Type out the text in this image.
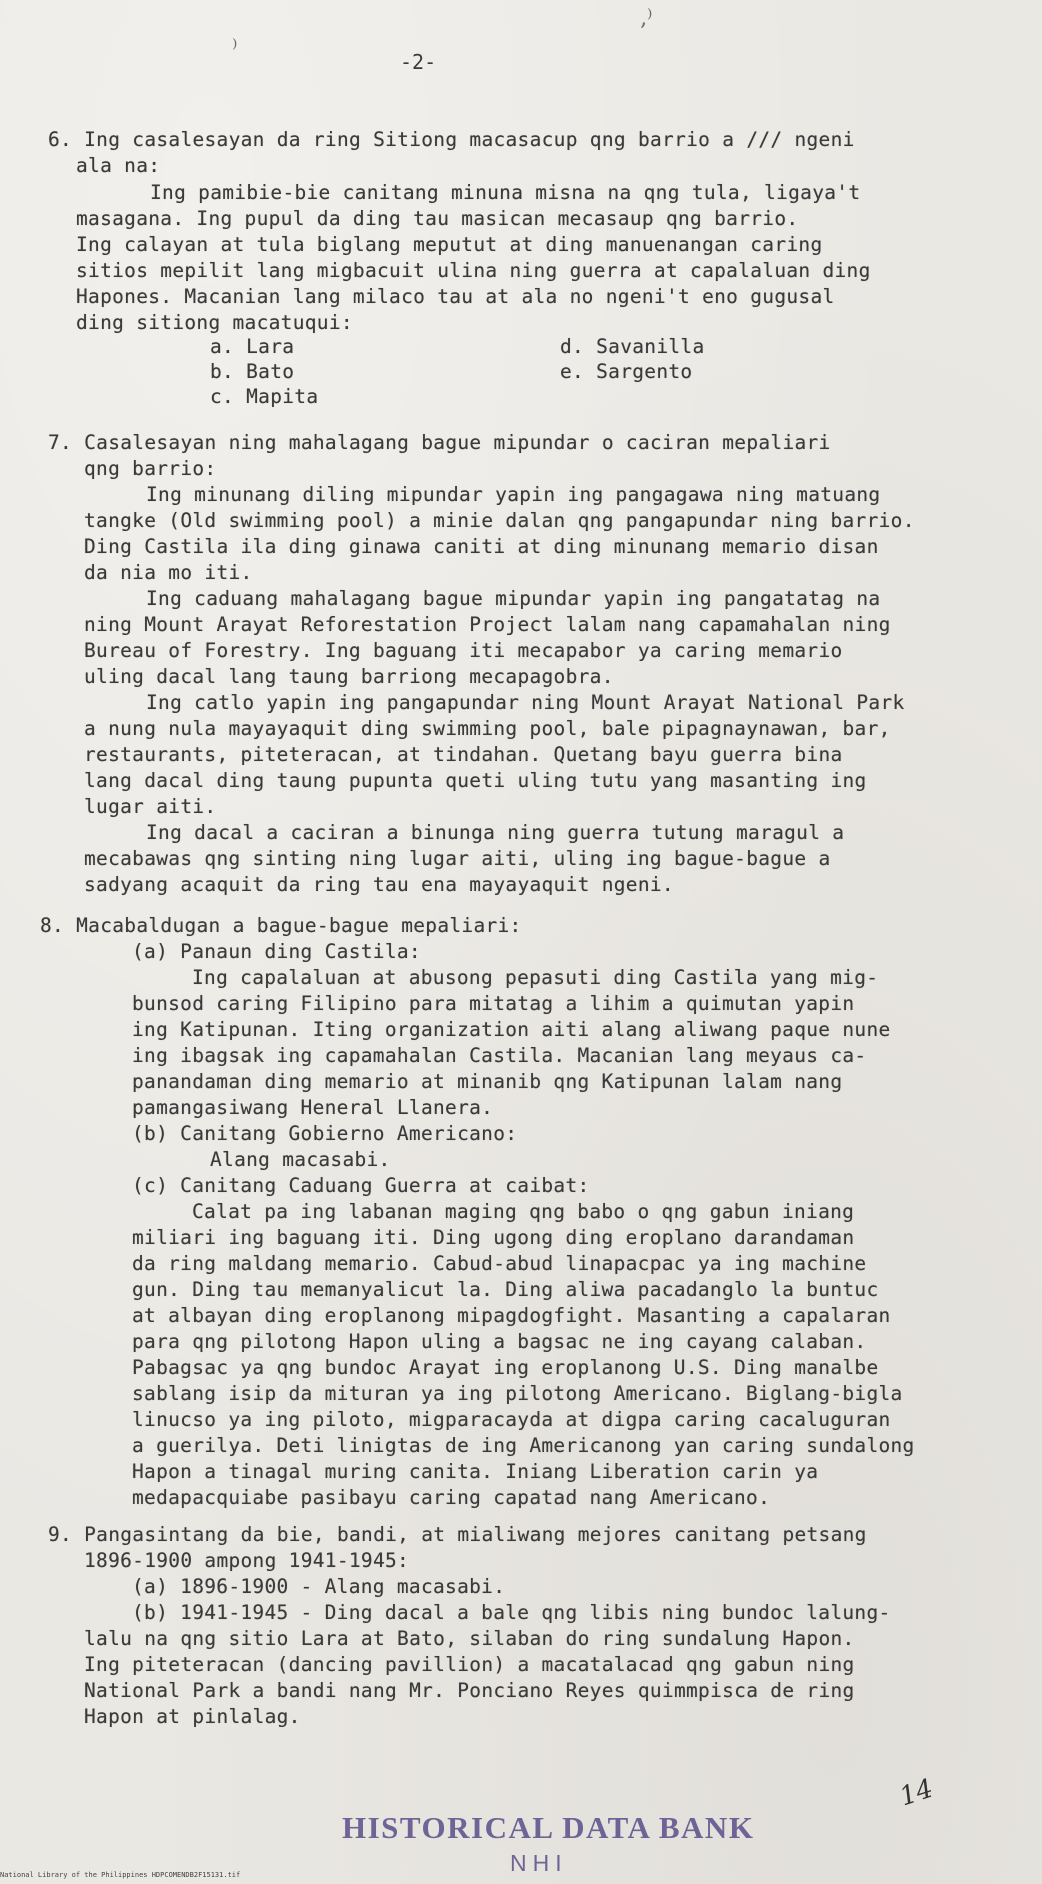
-2-
⁾
‚⁾
6. Ing casalesayan da ring Sitiong macasacup qng barrio a /// ngeni
ala na:
Ing pamibie-bie canitang minuna misna na qng tula, ligaya't
masagana. Ing pupul da ding tau masican mecasaup qng barrio.
Ing calayan at tula biglang meputut at ding manuenangan caring
sitios mepilit lang migbacuit ulina ning guerra at capalaluan ding
Hapones. Macanian lang milaco tau at ala no ngeni't eno gugusal
ding sitiong macatuqui:
a. Lara	d. Savanilla
b. Bato	e. Sargento
c. Mapita
7. Casalesayan ning mahalagang bague mipundar o caciran mepaliari
qng barrio:
Ing minunang diling mipundar yapin ing pangagawa ning matuang
tangke (Old swimming pool) a minie dalan qng pangapundar ning barrio.
Ding Castila ila ding ginawa caniti at ding minunang memario disan
da nia mo iti.
Ing caduang mahalagang bague mipundar yapin ing pangatatag na
ning Mount Arayat Reforestation Project lalam nang capamahalan ning
Bureau of Forestry. Ing baguang iti mecapabor ya caring memario
uling dacal lang taung barriong mecapagobra.
Ing catlo yapin ing pangapundar ning Mount Arayat National Park
a nung nula mayayaquit ding swimming pool, bale pipagnaynawan, bar,
restaurants, piteteracan, at tindahan. Quetang bayu guerra bina
lang dacal ding taung pupunta queti uling tutu yang masanting ing
lugar aiti.
Ing dacal a caciran a binunga ning guerra tutung maragul a
mecabawas qng sinting ning lugar aiti, uling ing bague-bague a
sadyang acaquit da ring tau ena mayayaquit ngeni.
8. Macabaldugan a bague-bague mepaliari:
(a) Panaun ding Castila:
Ing capalaluan at abusong pepasuti ding Castila yang mig-
bunsod caring Filipino para mitatag a lihim a quimutan yapin
ing Katipunan. Iting organization aiti alang aliwang paque nune
ing ibagsak ing capamahalan Castila. Macanian lang meyaus ca-
panandaman ding memario at minanib qng Katipunan lalam nang
pamangasiwang Heneral Llanera.
(b) Canitang Gobierno Americano:
Alang macasabi.
(c) Canitang Caduang Guerra at caibat:
Calat pa ing labanan maging qng babo o qng gabun iniang
miliari ing baguang iti. Ding ugong ding eroplano darandaman
da ring maldang memario. Cabud-abud linapacpac ya ing machine
gun. Ding tau memanyalicut la. Ding aliwa pacadanglo la buntuc
at albayan ding eroplanong mipagdogfight. Masanting a capalaran
para qng pilotong Hapon uling a bagsac ne ing cayang calaban.
Pabagsac ya qng bundoc Arayat ing eroplanong U.S. Ding manalbe
sablang isip da mituran ya ing pilotong Americano. Biglang-bigla
linucso ya ing piloto, migparacayda at digpa caring cacaluguran
a guerilya. Deti linigtas de ing Americanong yan caring sundalong
Hapon a tinagal muring canita. Iniang Liberation carin ya
medapacquiabe pasibayu caring capatad nang Americano.
9. Pangasintang da bie, bandi, at mialiwang mejores canitang petsang
1896-1900 ampong 1941-1945:
(a) 1896-1900 - Alang macasabi.
(b) 1941-1945 - Ding dacal a bale qng libis ning bundoc lalung-
lalu na qng sitio Lara at Bato, silaban do ring sundalung Hapon.
Ing piteteracan (dancing pavillion) a macatalacad qng gabun ning
National Park a bandi nang Mr. Ponciano Reyes quimmpisca de ring
Hapon at pinlalag.
14
HISTORICAL DATA BANK
NHI
National Library of the Philippines HDPCOMENDB2F15131.tif
